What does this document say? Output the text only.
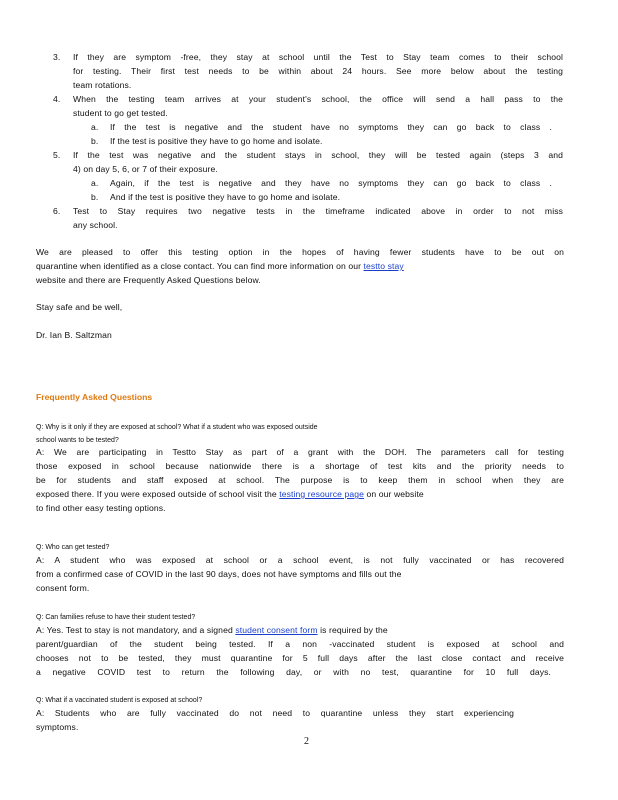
3. If they are symptom -free, they stay at school until the Test to Stay team comes to their school
for testing. Their first test needs to be within about 24 hours. See more below about the testing
team rotations.
4. When the testing team arrives at your student's school, the office will send a hall pass to the
student to go get tested.
a. If the test is negative and the student have no symptoms they can go back to class .
b. If the test is positive they have to go home and isolate.
5. If the test was negative and the student stays in school, they will be tested again (steps 3 and
4) on day 5, 6, or 7 of their exposure.
a. Again, if the test is negative and they have no symptoms they can go back to class .
b. And if the test is positive they have to go home and isolate.
6. Test to Stay requires two negative tests in the timeframe indicated above in order to not miss
any school.
We are pleased to offer this testing option in the hopes of having fewer students have to be out on
quarantine when identified as a close contact. You can find more information on our testto stay
website and there are Frequently Asked Questions below.
Stay safe and be well,
Dr. Ian B. Saltzman
Frequently Asked Questions
Q: Why is it only if they are exposed at school? What if a student who was exposed outside
school wants to be tested?
A: We are participating in Testto Stay as part of a grant with the DOH. The parameters call for testing
those exposed in school because nationwide there is a shortage of test kits and the priority needs to
be for students and staff exposed at school. The purpose is to keep them in school when they are
exposed there. If you were exposed outside of school visit the testing resource page on our website
to find other easy testing options.
Q: Who can get tested?
A: A student who was exposed at school or a school event, is not fully vaccinated or has recovered
from a confirmed case of COVID in the last 90 days, does not have symptoms and fills out the
consent form.
Q: Can families refuse to have their student tested?
A: Yes. Test to stay is not mandatory, and a signed student consent form is required by the
parent/guardian of the student being tested. If a non -vaccinated student is exposed at school and
chooses not to be tested, they must quarantine for 5 full days after the last close contact and receive
a negative COVID test to return the following day, or with no test, quarantine for 10 full days.
Q: What if a vaccinated student is exposed at school?
A: Students who are fully vaccinated do not need to quarantine unless they start experiencing
symptoms.
2
